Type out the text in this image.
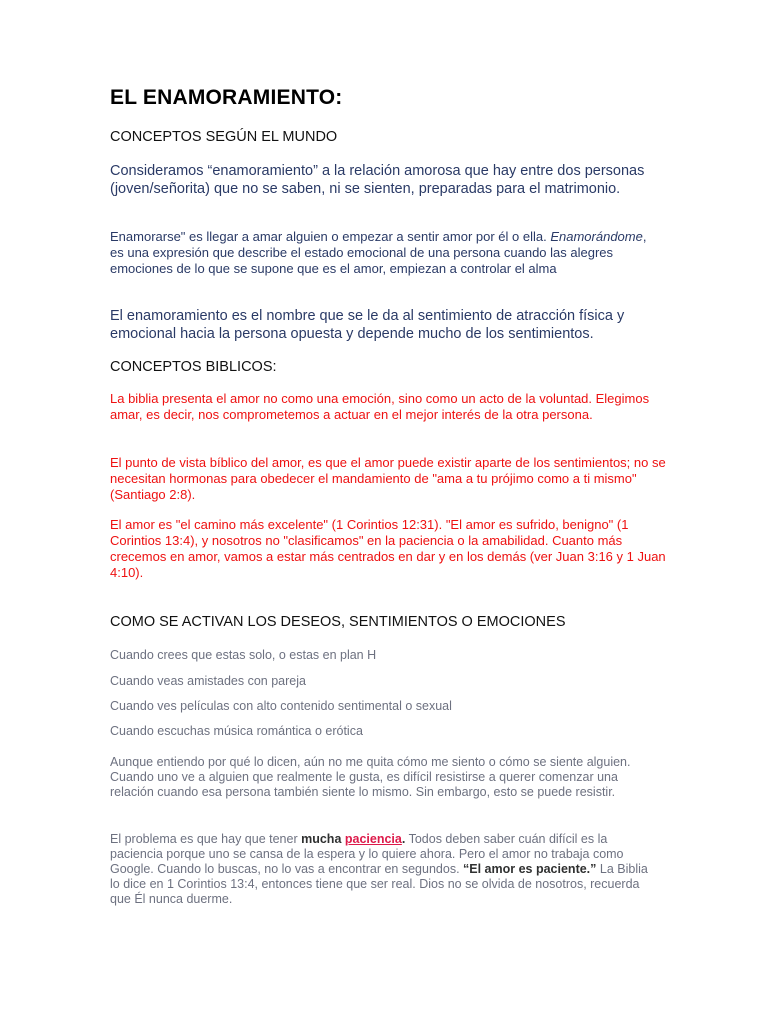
EL ENAMORAMIENTO:
CONCEPTOS SEGÚN EL MUNDO

Consideramos “enamoramiento” a la relación amorosa que hay entre dos personas (joven/señorita) que no se saben, ni se sienten, preparadas para el matrimonio.

Enamorarse" es llegar a amar alguien o empezar a sentir amor por él o ella. Enamorándome, es una expresión que describe el estado emocional de una persona cuando las alegres emociones de lo que se supone que es el amor, empiezan a controlar el alma

El enamoramiento es el nombre que se le da al sentimiento de atracción física y emocional hacia la persona opuesta y depende mucho de los sentimientos.

CONCEPTOS BIBLICOS:

La biblia presenta el amor no como una emoción, sino como un acto de la voluntad. Elegimos amar, es decir, nos comprometemos a actuar en el mejor interés de la otra persona.

El punto de vista bíblico del amor, es que el amor puede existir aparte de los sentimientos; no se necesitan hormonas para obedecer el mandamiento de "ama a tu prójimo como a ti mismo" (Santiago 2:8).

El amor es "el camino más excelente" (1 Corintios 12:31). "El amor es sufrido, benigno" (1 Corintios 13:4), y nosotros no "clasificamos" en la paciencia o la amabilidad. Cuanto más crecemos en amor, vamos a estar más centrados en dar y en los demás (ver Juan 3:16 y 1 Juan 4:10).

COMO SE ACTIVAN LOS DESEOS, SENTIMIENTOS O EMOCIONES
Cuando crees que estas solo, o estas en plan H
Cuando veas amistades con pareja
Cuando ves películas con alto contenido sentimental o sexual
Cuando escuchas música romántica o erótica

Aunque entiendo por qué lo dicen, aún no me quita cómo me siento o cómo se siente alguien. Cuando uno ve a alguien que realmente le gusta, es difícil resistirse a querer comenzar una relación cuando esa persona también siente lo mismo. Sin embargo, esto se puede resistir.

El problema es que hay que tener mucha paciencia. Todos deben saber cuán difícil es la paciencia porque uno se cansa de la espera y lo quiere ahora. Pero el amor no trabaja como Google. Cuando lo buscas, no lo vas a encontrar en segundos. “El amor es paciente.” La Biblia lo dice en 1 Corintios 13:4, entonces tiene que ser real. Dios no se olvida de nosotros, recuerda que Él nunca duerme.
